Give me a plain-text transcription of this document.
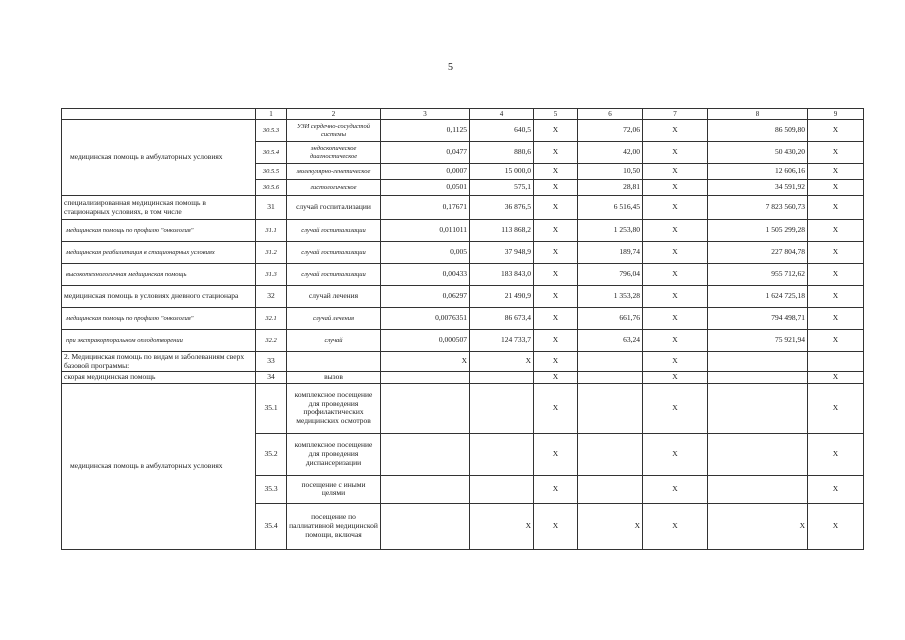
5
	1	2	3	4	5	6	7	8	9
медицинская помощь в амбулаторных условиях	30.5.3	УЗИ сердечно-сосудистой системы	0,1125	640,5	X	72,06	X	86 509,80	X
	30.5.4	эндоскопическое диагностическое	0,0477	880,6	X	42,00	X	50 430,20	X
	30.5.5	молекулярно-генетическое	0,0007	15 000,0	X	10,50	X	12 606,16	X
	30.5.6	гистологическое	0,0501	575,1	X	28,81	X	34 591,92	X
специализированная медицинская помощь в стационарных условиях, в том числе	31	случай госпитализации	0,17671	36 876,5	X	6 516,45	X	7 823 560,73	X
медицинская помощь по профилю "онкология"	31.1	случай госпитализации	0,011011	113 868,2	X	1 253,80	X	1 505 299,28	X
медицинская реабилитация в стационарных условиях	31.2	случай госпитализации	0,005	37 948,9	X	189,74	X	227 804,78	X
высокотехнологичная медицинская помощь	31.3	случай госпитализации	0,00433	183 843,0	X	796,04	X	955 712,62	X
медицинская помощь в условиях дневного стационара	32	случай лечения	0,06297	21 490,9	X	1 353,28	X	1 624 725,18	X
медицинская помощь по профилю "онкология"	32.1	случай лечения	0,0076351	86 673,4	X	661,76	X	794 498,71	X
при экстракорпоральном оплодотворении	32.2	случай	0,000507	124 733,7	X	63,24	X	75 921,94	X
2. Медицинская помощь по видам и заболеваниям сверх базовой программы:	33		X	X	X		X		
скорая медицинская помощь	34	вызов			X		X		X
медицинская помощь в амбулаторных условиях	35.1	комплексное посещение для проведения профилактических медицинских осмотров			X		X		X
	35.2	комплексное посещение для проведения диспансеризации			X		X		X
	35.3	посещение с иными целями			X		X		X
	35.4	посещение по паллиативной медицинской помощи, включая		X	X	X	X	X	X
